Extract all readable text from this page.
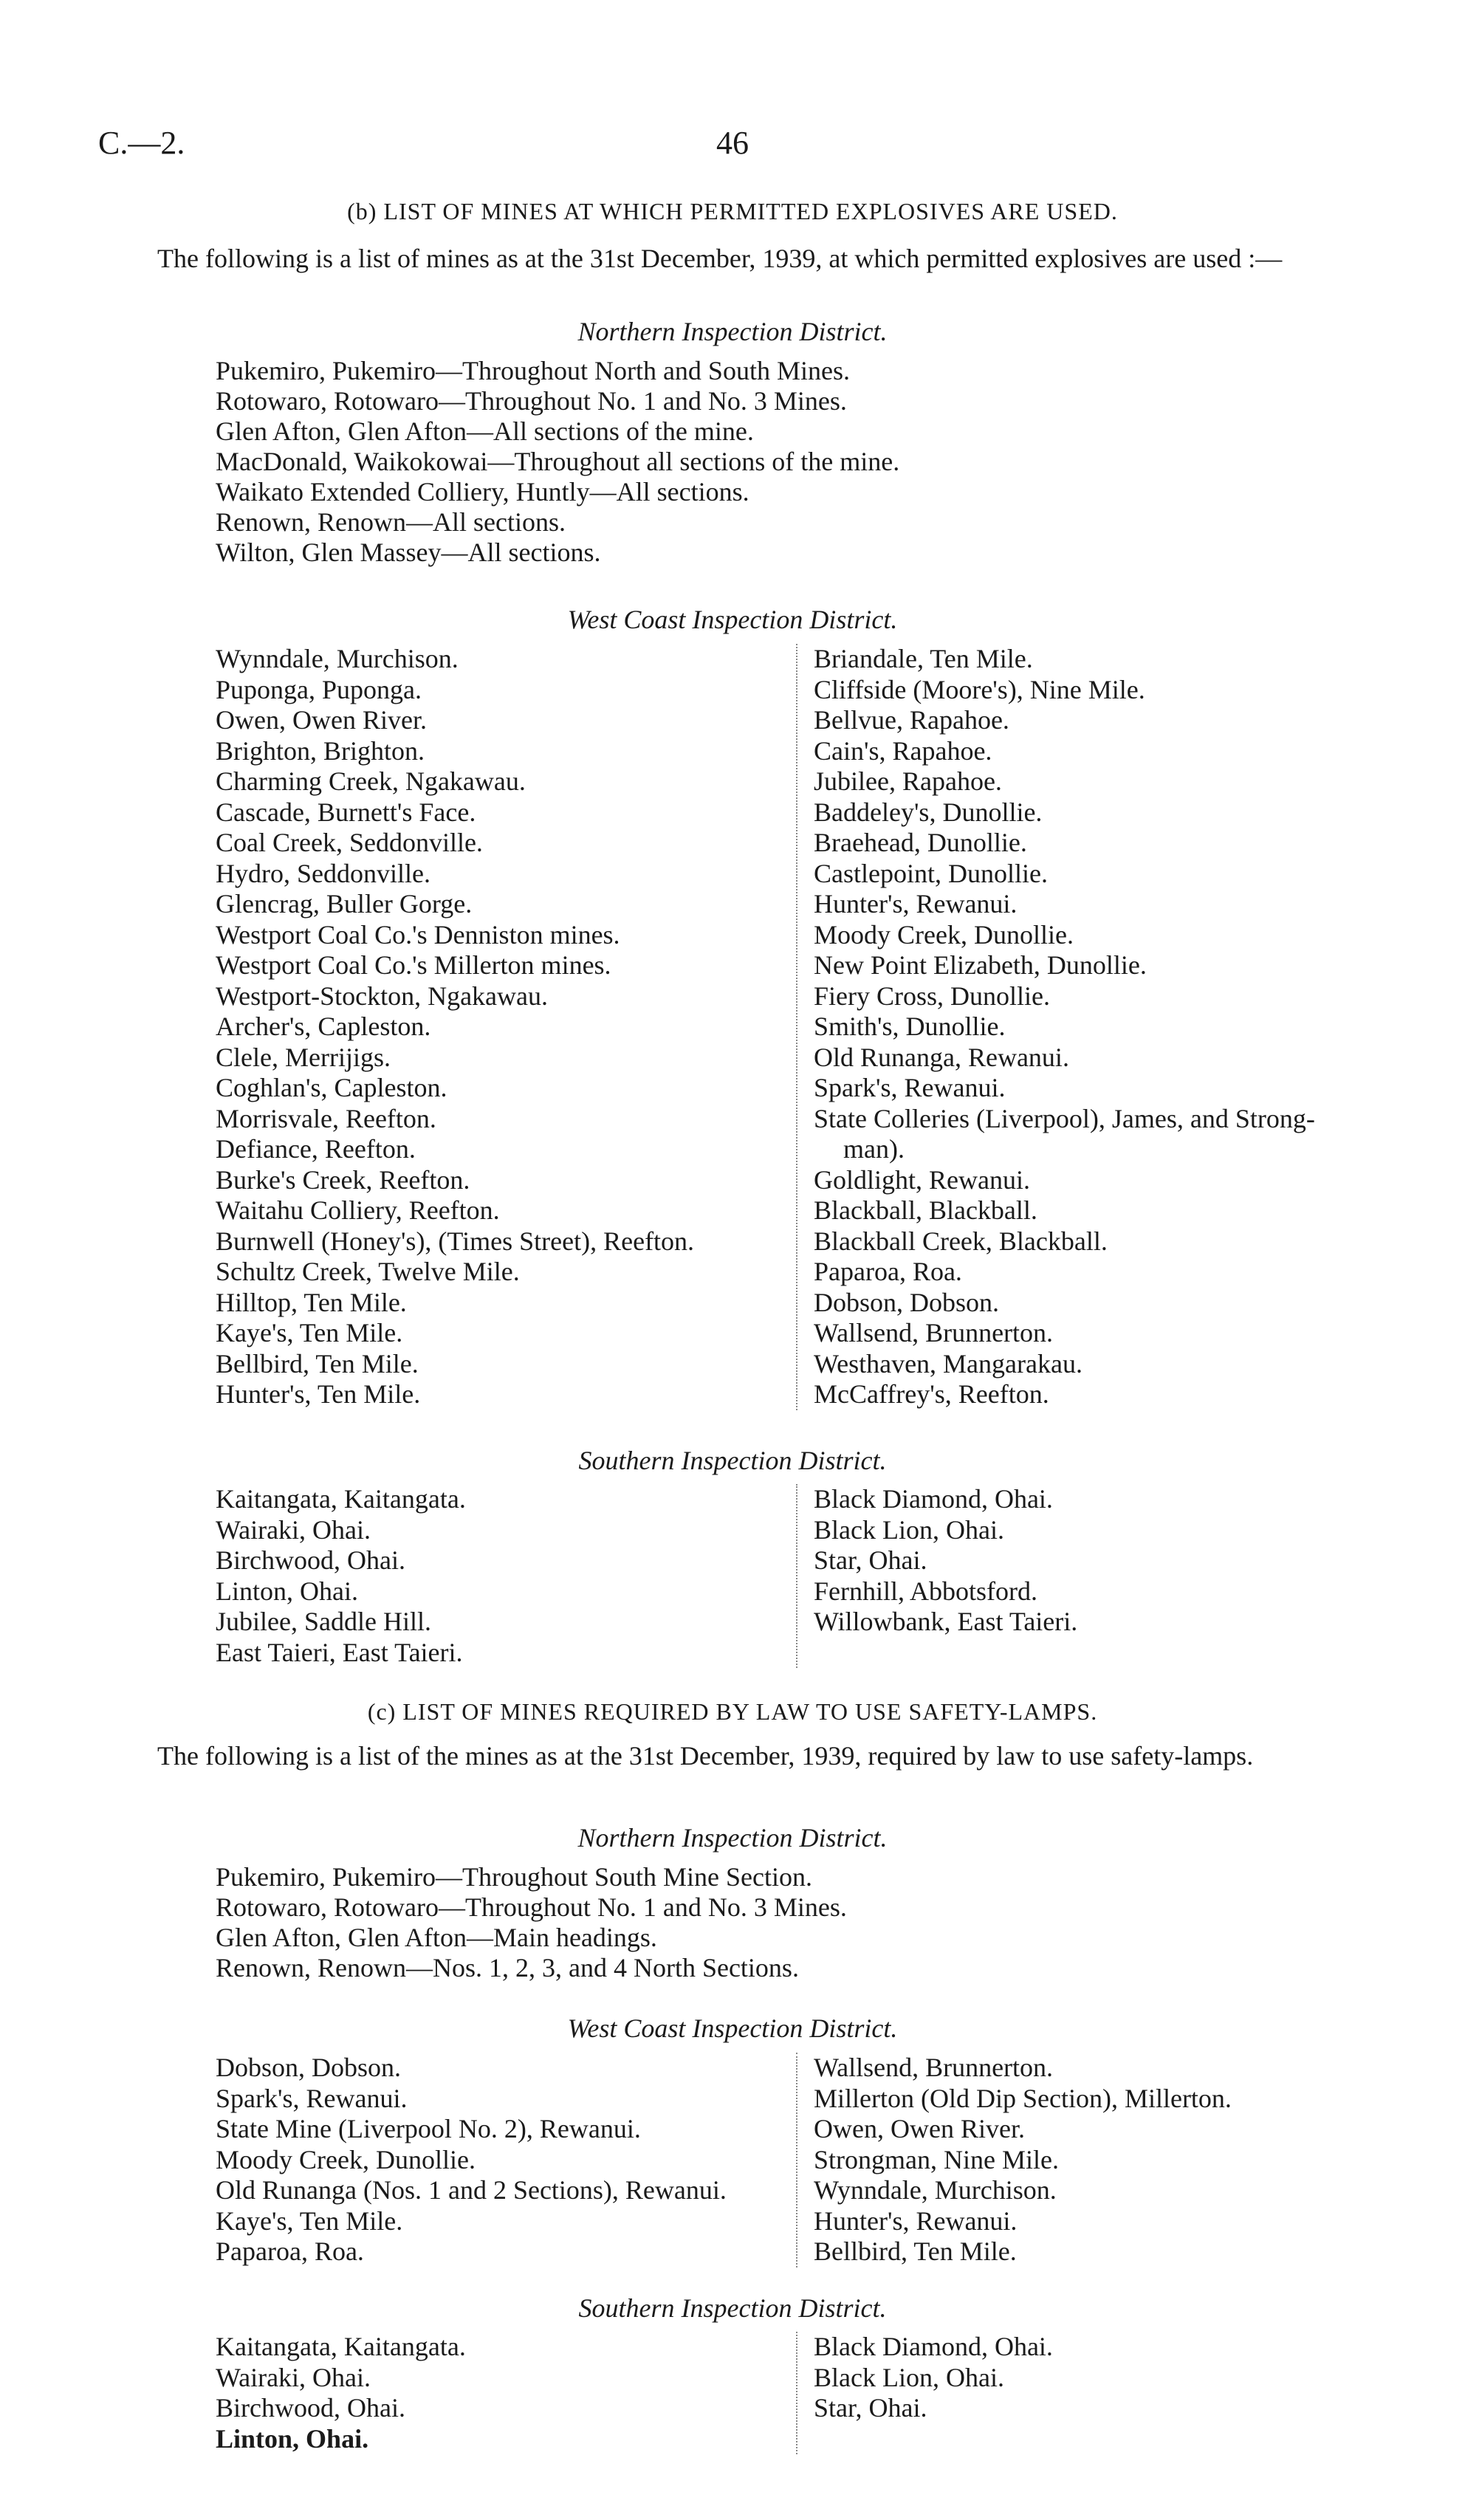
C.—2.	46
(b) LIST OF MINES AT WHICH PERMITTED EXPLOSIVES ARE USED.
The following is a list of mines as at the 31st December, 1939, at which permitted explosives are used :—
Northern Inspection District.
Pukemiro, Pukemiro—Throughout North and South Mines.
Rotowaro, Rotowaro—Throughout No. 1 and No. 3 Mines.
Glen Afton, Glen Afton—All sections of the mine.
MacDonald, Waikokowai—Throughout all sections of the mine.
Waikato Extended Colliery, Huntly—All sections.
Renown, Renown—All sections.
Wilton, Glen Massey—All sections.
West Coast Inspection District.
Wynndale, Murchison.
Puponga, Puponga.
Owen, Owen River.
Brighton, Brighton.
Charming Creek, Ngakawau.
Cascade, Burnett's Face.
Coal Creek, Seddonville.
Hydro, Seddonville.
Glencrag, Buller Gorge.
Westport Coal Co.'s Denniston mines.
Westport Coal Co.'s Millerton mines.
Westport-Stockton, Ngakawau.
Archer's, Capleston.
Clele, Merrijigs.
Coghlan's, Capleston.
Morrisvale, Reefton.
Defiance, Reefton.
Burke's Creek, Reefton.
Waitahu Colliery, Reefton.
Burnwell (Honey's), (Times Street), Reefton.
Schultz Creek, Twelve Mile.
Hilltop, Ten Mile.
Kaye's, Ten Mile.
Bellbird, Ten Mile.
Hunter's, Ten Mile.
Briandale, Ten Mile.
Cliffside (Moore's), Nine Mile.
Bellvue, Rapahoe.
Cain's, Rapahoe.
Jubilee, Rapahoe.
Baddeley's, Dunollie.
Braehead, Dunollie.
Castlepoint, Dunollie.
Hunter's, Rewanui.
Moody Creek, Dunollie.
New Point Elizabeth, Dunollie.
Fiery Cross, Dunollie.
Smith's, Dunollie.
Old Runanga, Rewanui.
Spark's, Rewanui.
State Colleries (Liverpool), James, and Strong-
man).
Goldlight, Rewanui.
Blackball, Blackball.
Blackball Creek, Blackball.
Paparoa, Roa.
Dobson, Dobson.
Wallsend, Brunnerton.
Westhaven, Mangarakau.
McCaffrey's, Reefton.
Southern Inspection District.
Kaitangata, Kaitangata.
Wairaki, Ohai.
Birchwood, Ohai.
Linton, Ohai.
Jubilee, Saddle Hill.
East Taieri, East Taieri.
Black Diamond, Ohai.
Black Lion, Ohai.
Star, Ohai.
Fernhill, Abbotsford.
Willowbank, East Taieri.
(c) LIST OF MINES REQUIRED BY LAW TO USE SAFETY-LAMPS.
The following is a list of the mines as at the 31st December, 1939, required by law to use safety-lamps.
Northern Inspection District.
Pukemiro, Pukemiro—Throughout South Mine Section.
Rotowaro, Rotowaro—Throughout No. 1 and No. 3 Mines.
Glen Afton, Glen Afton—Main headings.
Renown, Renown—Nos. 1, 2, 3, and 4 North Sections.
West Coast Inspection District.
Dobson, Dobson.
Spark's, Rewanui.
State Mine (Liverpool No. 2), Rewanui.
Moody Creek, Dunollie.
Old Runanga (Nos. 1 and 2 Sections), Rewanui.
Kaye's, Ten Mile.
Paparoa, Roa.
Wallsend, Brunnerton.
Millerton (Old Dip Section), Millerton.
Owen, Owen River.
Strongman, Nine Mile.
Wynndale, Murchison.
Hunter's, Rewanui.
Bellbird, Ten Mile.
Southern Inspection District.
Kaitangata, Kaitangata.
Wairaki, Ohai.
Birchwood, Ohai.
Linton, Ohai.
Black Diamond, Ohai.
Black Lion, Ohai.
Star, Ohai.
